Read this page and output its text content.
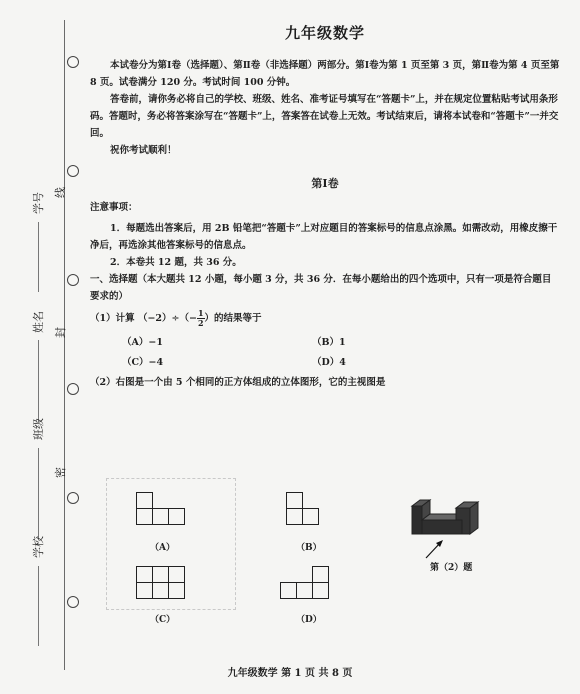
学号
姓名
班级
学校
线
封
密
九年级数学

本试卷分为第Ⅰ卷（选择题）、第Ⅱ卷（非选择题）两部分。第Ⅰ卷为第 1 页至第 3 页，第Ⅱ卷为第 4 页至第 8 页。试卷满分 120 分。考试时间 100 分钟。

答卷前，请你务必将自己的学校、班级、姓名、准考证号填写在“答题卡”上，并在规定位置粘贴考试用条形码。答题时，务必将答案涂写在“答题卡”上，答案答在试卷上无效。考试结束后，请将本试卷和“答题卡”一并交回。

祝你考试顺利！

第Ⅰ卷

注意事项：

1．每题选出答案后，用 2B 铅笔把“答题卡”上对应题目的答案标号的信息点涂黑。如需改动，用橡皮擦干净后，再选涂其他答案标号的信息点。

2．本卷共 12 题，共 36 分。

一、选择题（本大题共 12 小题，每小题 3 分，共 36 分．在每小题给出的四个选项中，只有一项是符合题目要求的）

（1）计算 $(-2)\div(- \frac{1}{2}$ ）的结果等于

（A）−1	（B）1
（C）−4	（D）4

（2）右图是一个由 5 个相同的正方体组成的立体图形，它的主视图是

（A）	（B）
第（2）题
（C）	（D）
九年级数学 第 1 页 共 8 页
